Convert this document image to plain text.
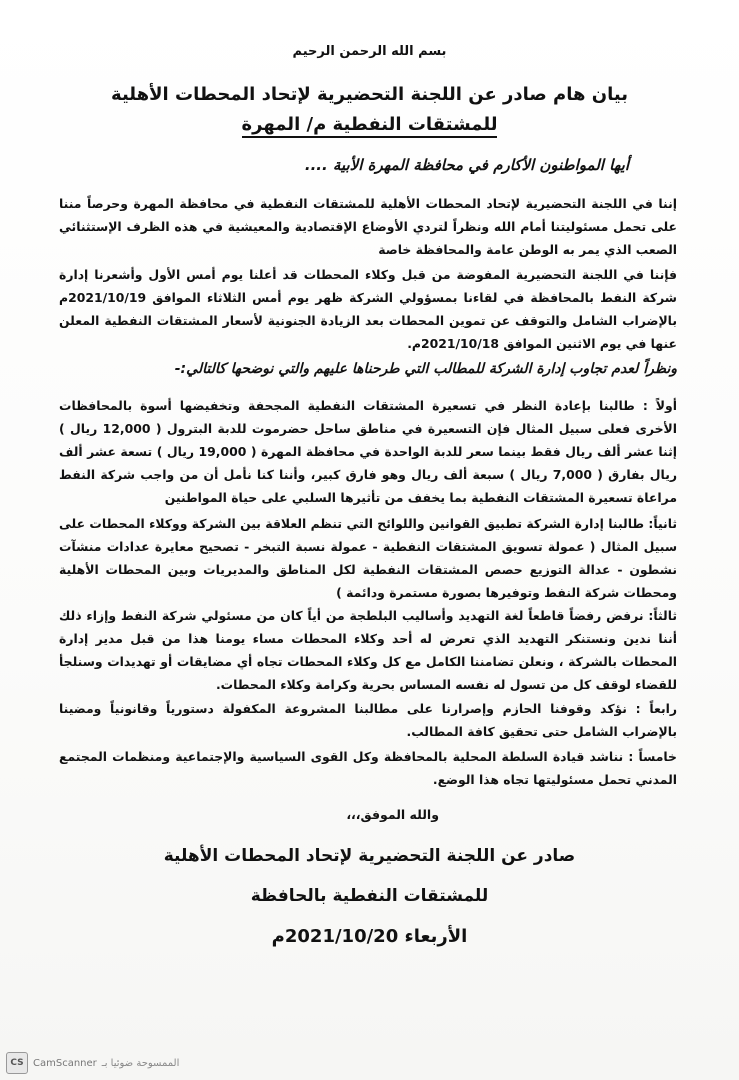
بسم الله الرحمن الرحيم
بيان هام صادر عن اللجنة التحضيرية لإتحاد المحطات الأهلية
للمشتقات النفطية م/ المهرة
أيها المواطنون الأكارم في محافظة المهرة الأبية ....
إننا في اللجنة التحضيرية لإتحاد المحطات الأهلية للمشتقات النفطية في محافظة المهرة وحرصاً مننا على تحمل مسئوليتنا أمام الله ونظراً لتردي الأوضاع الإقتصادية والمعيشية في هذه الظرف الإستثنائي الصعب الذي يمر به الوطن عامة والمحافظة خاصة
فإننا في اللجنة التحضيرية المفوضة من قبل وكلاء المحطات قد أعلنا يوم أمس الأول وأشعرنا إدارة شركة النفط بالمحافظة في لقاءنا بمسؤولي الشركة ظهر يوم أمس الثلاثاء الموافق 2021/10/19م بالإضراب الشامل والتوقف عن تموين المحطات بعد الزيادة الجنونية لأسعار المشتقات النفطية المعلن عنها في يوم الاثنين الموافق 2021/10/18م.
ونظراً لعدم تجاوب إدارة الشركة للمطالب التي طرحناها عليهم والتي نوضحها كالتالي:-
أولاً : طالبنا بإعادة النظر في تسعيرة المشتقات النفطية المجحفة وتخفيضها أسوة بالمحافظات الأخرى فعلى سبيل المثال فإن التسعيرة في مناطق ساحل حضرموت للدبة البترول ( 12,000 ريال ) إثنا عشر ألف ريال فقط بينما سعر للدبة الواحدة في محافظة المهرة ( 19,000 ريال ) تسعة عشر ألف ريال بفارق ( 7,000 ريال ) سبعة ألف ريال وهو فارق كبير، وأننا كنا نأمل أن من واجب شركة النفط مراعاة تسعيرة المشتقات النفطية بما يخفف من تأثيرها السلبي على حياة المواطنين
ثانياً: طالبنا إدارة الشركة تطبيق القوانين واللوائح التي تنظم العلاقة بين الشركة ووكلاء المحطات على سبيل المثال ( عمولة تسويق المشتقات النفطية - عمولة نسبة التبخر - تصحيح معايرة عدادات منشآت نشطون - عدالة التوزيع حصص المشتقات النفطية لكل المناطق والمديريات وبين المحطات الأهلية ومحطات شركة النفط وتوفيرها بصورة مستمرة ودائمة )
ثالثاً: نرفض رفضاً قاطعاً لغة التهديد وأساليب البلطجة من أياً كان من مسئولي شركة النفط وإزاء ذلك أننا ندين ونستنكر التهديد الذي تعرض له أحد وكلاء المحطات مساء يومنا هذا من قبل مدير إدارة المحطات بالشركة ، ونعلن تضامننا الكامل مع كل وكلاء المحطات تجاه أي مضايقات أو تهديدات وسنلجأ للقضاء لوقف كل من تسول له نفسه المساس بحرية وكرامة وكلاء المحطات.
رابعاً : نؤكد وقوفنا الحازم وإصرارنا على مطالبنا المشروعة المكفولة دستورياً وقانونياً ومضينا بالإضراب الشامل حتى تحقيق كافة المطالب.
خامساً : نناشد قيادة السلطة المحلية بالمحافظة وكل القوى السياسية والإجتماعية ومنظمات المجتمع المدني تحمل مسئوليتها تجاه هذا الوضع.
والله الموفق،،،
صادر عن اللجنة التحضيرية لإتحاد المحطات الأهلية
للمشتقات النفطية بالحافظة
الأربعاء 2021/10/20م
CS CamScanner الممسوحة ضوئيا بـ
